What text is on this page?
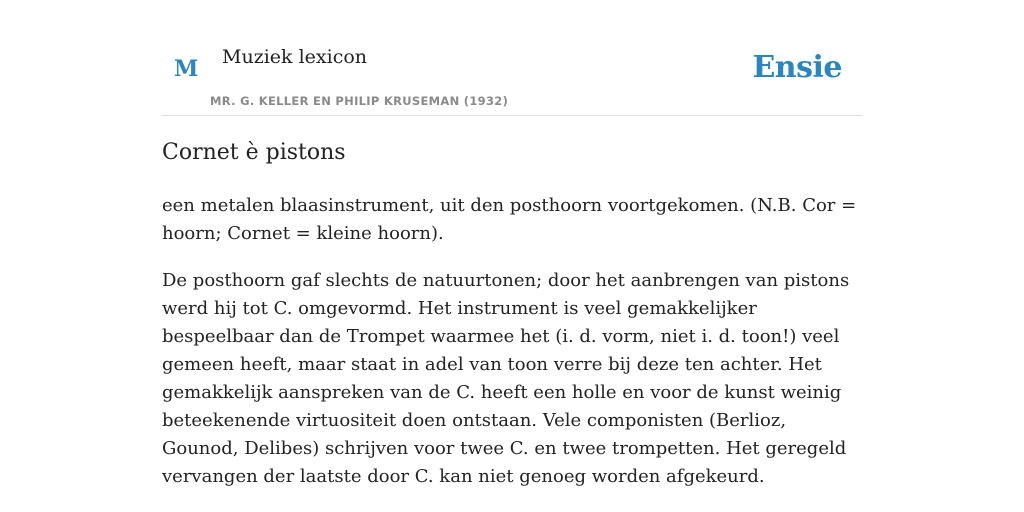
M Muziek lexicon
MR. G. KELLER EN PHILIP KRUSEMAN (1932)
Ensie
Cornet è pistons

een metalen blaasinstrument, uit den posthoorn voortgekomen. (N.B. Cor = hoorn; Cornet = kleine hoorn).

De posthoorn gaf slechts de natuurtonen; door het aanbrengen van pistons werd hij tot C. omgevormd. Het instrument is veel gemakkelijker bespeelbaar dan de Trompet waarmee het (i. d. vorm, niet i. d. toon!) veel gemeen heeft, maar staat in adel van toon verre bij deze ten achter. Het gemakkelijk aanspreken van de C. heeft een holle en voor de kunst weinig beteekenende virtuositeit doen ontstaan. Vele componisten (Berlioz, Gounod, Delibes) schrijven voor twee C. en twee trompetten. Het geregeld vervangen der laatste door C. kan niet genoeg worden afgekeurd.
